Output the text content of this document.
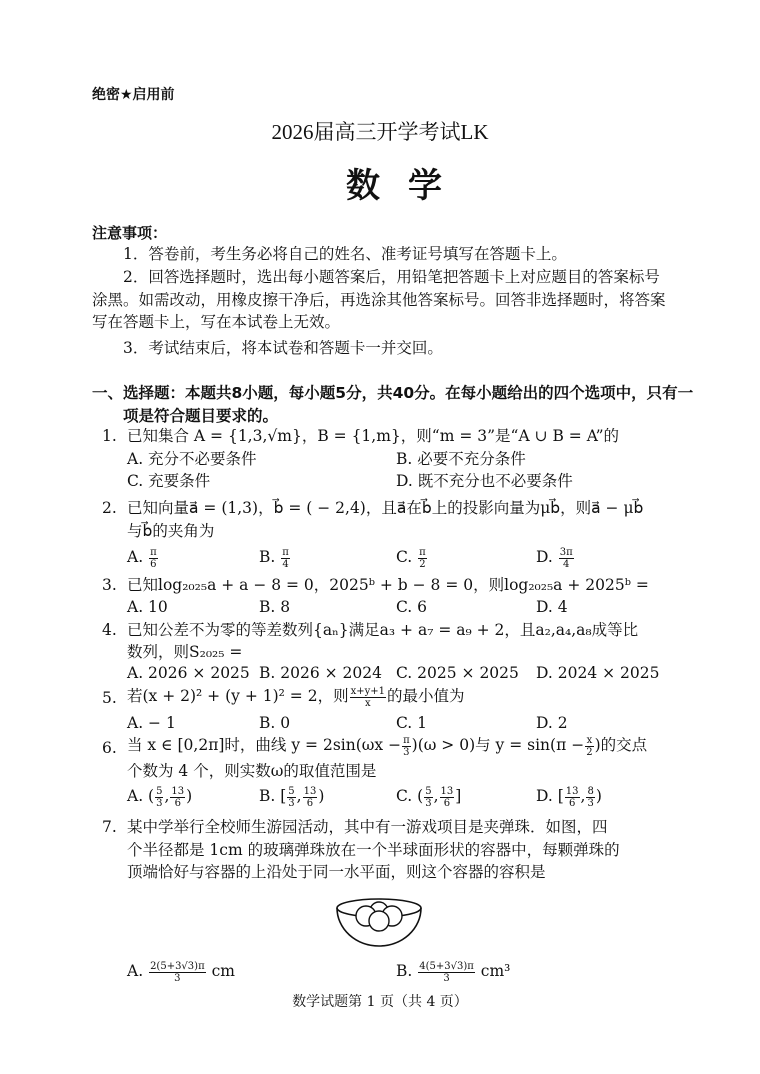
绝密★启用前
2026届高三开学考试LK
数学
注意事项：
1．答卷前，考生务必将自己的姓名、准考证号填写在答题卡上。
2．回答选择题时，选出每小题答案后，用铅笔把答题卡上对应题目的答案标号涂黑。如需改动，用橡皮擦干净后，再选涂其他答案标号。回答非选择题时，将答案写在答题卡上，写在本试卷上无效。
3．考试结束后，将本试卷和答题卡一并交回。
一、选择题：本题共8小题，每小题5分，共40分。在每小题给出的四个选项中，只有一项是符合题目要求的。
1. 已知集合 A = {1,3,√m}，B = {1,m}，则“m = 3”是“A ∪ B = A”的
A. 充分不必要条件	B. 必要不充分条件
C. 充要条件	D. 既不充分也不必要条件
2. 已知向量a⃗ = (1,3)，b⃗ = ( − 2,4)，且a⃗在b⃗上的投影向量为μb⃗，则a⃗ − μb⃗
与b⃗的夹角为
A. $\frac{\pi}{6}$	B. $\frac{\pi}{4}$	C. $\frac{\pi}{2}$	D. $\frac{3\pi}{4}$
3. 已知log₂₀₂₅a + a − 8 = 0，2025ᵇ + b − 8 = 0，则log₂₀₂₅a + 2025ᵇ =
A. 10	B. 8	C. 6	D. 4
4. 已知公差不为零的等差数列{aₙ}满足a₃ + a₇ = a₉ + 2，且a₂,a₄,a₈成等比
数列，则S₂₀₂₅ =
A. 2026 × 2025 B. 2026 × 2024 C. 2025 × 2025 D. 2024 × 2025
5. 若(x + 2)² + (y + 1)² = 2，则 $\frac{x+y+1}{x}$ 的最小值为
A. − 1	B. 0	C. 1	D. 2
6. 当 x ∈ [0,2π]时，曲线 $y = 2\sin(\omega x - \frac{\pi}{3} )(\omega > 0)$与 $y = \sin(\pi - \frac{x}{2}$ )的交点
个数为 4 个，则实数ω的取值范围是
A. ( $\frac{5}{3}$ , $\frac{13}{6}$ )	B. [ $\frac{5}{3}$ , $\frac{13}{6}$ )	C. ( $\frac{5}{3}$ , $\frac{13}{6}$ ]	D. [ $\frac{13}{6}$ , $\frac{8}{3}$ )
7. 某中学举行全校师生游园活动，其中有一游戏项目是夹弹珠．如图，四
个半径都是 1cm 的玻璃弹珠放在一个半球面形状的容器中，每颗弹珠的
顶端恰好与容器的上沿处于同一水平面，则这个容器的容积是
A. $\frac{2(5+3√3)\pi}{3}$ cm	B. $\frac{4(5+3√3)\pi}{3} cm^3$
数学试题第 1 页（共 4 页）
